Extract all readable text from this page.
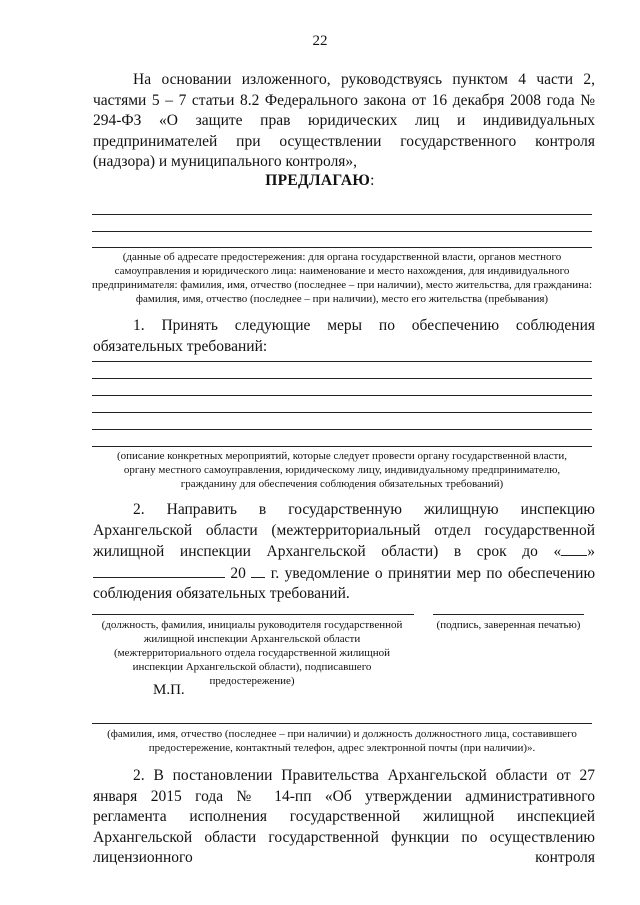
22

На основании изложенного, руководствуясь пунктом 4 части 2, частями 5 – 7 статьи 8.2 Федерального закона от 16 декабря 2008 года № 294-ФЗ «О защите прав юридических лиц и индивидуальных предпринимателей при осуществлении государственного контроля (надзора) и муниципального контроля»,

ПРЕДЛАГАЮ:

(данные об адресате предостережения: для органа государственной власти, органов местного самоуправления и юридического лица: наименование и место нахождения, для индивидуального предпринимателя: фамилия, имя, отчество (последнее – при наличии), место жительства, для гражданина: фамилия, имя, отчество (последнее – при наличии), место его жительства (пребывания)

1. Принять следующие меры по обеспечению соблюдения обязательных требований:

(описание конкретных мероприятий, которые следует провести органу государственной власти, органу местного самоуправления, юридическому лицу, индивидуальному предпринимателю, гражданину для обеспечения соблюдения обязательных требований)

2. Направить в государственную жилищную инспекцию Архангельской области (межтерриториальный отдел государственной жилищной инспекции Архангельской области) в срок до « »  20 г. уведомление о принятии мер по обеспечению соблюдения обязательных требований.

(должность, фамилия, инициалы руководителя государственной жилищной инспекции Архангельской области (межтерриториального отдела государственной жилищной инспекции Архангельской области), подписавшего предостережение)

(подпись, заверенная печатью)

М.П.

(фамилия, имя, отчество (последнее – при наличии) и должность должностного лица, составившего предостережение, контактный телефон, адрес электронной почты (при наличии)».

2. В постановлении Правительства Архангельской области от 27 января 2015 года № 14-пп «Об утверждении административного регламента исполнения государственной жилищной инспекцией Архангельской области государственной функции по осуществлению лицензионного контроля
